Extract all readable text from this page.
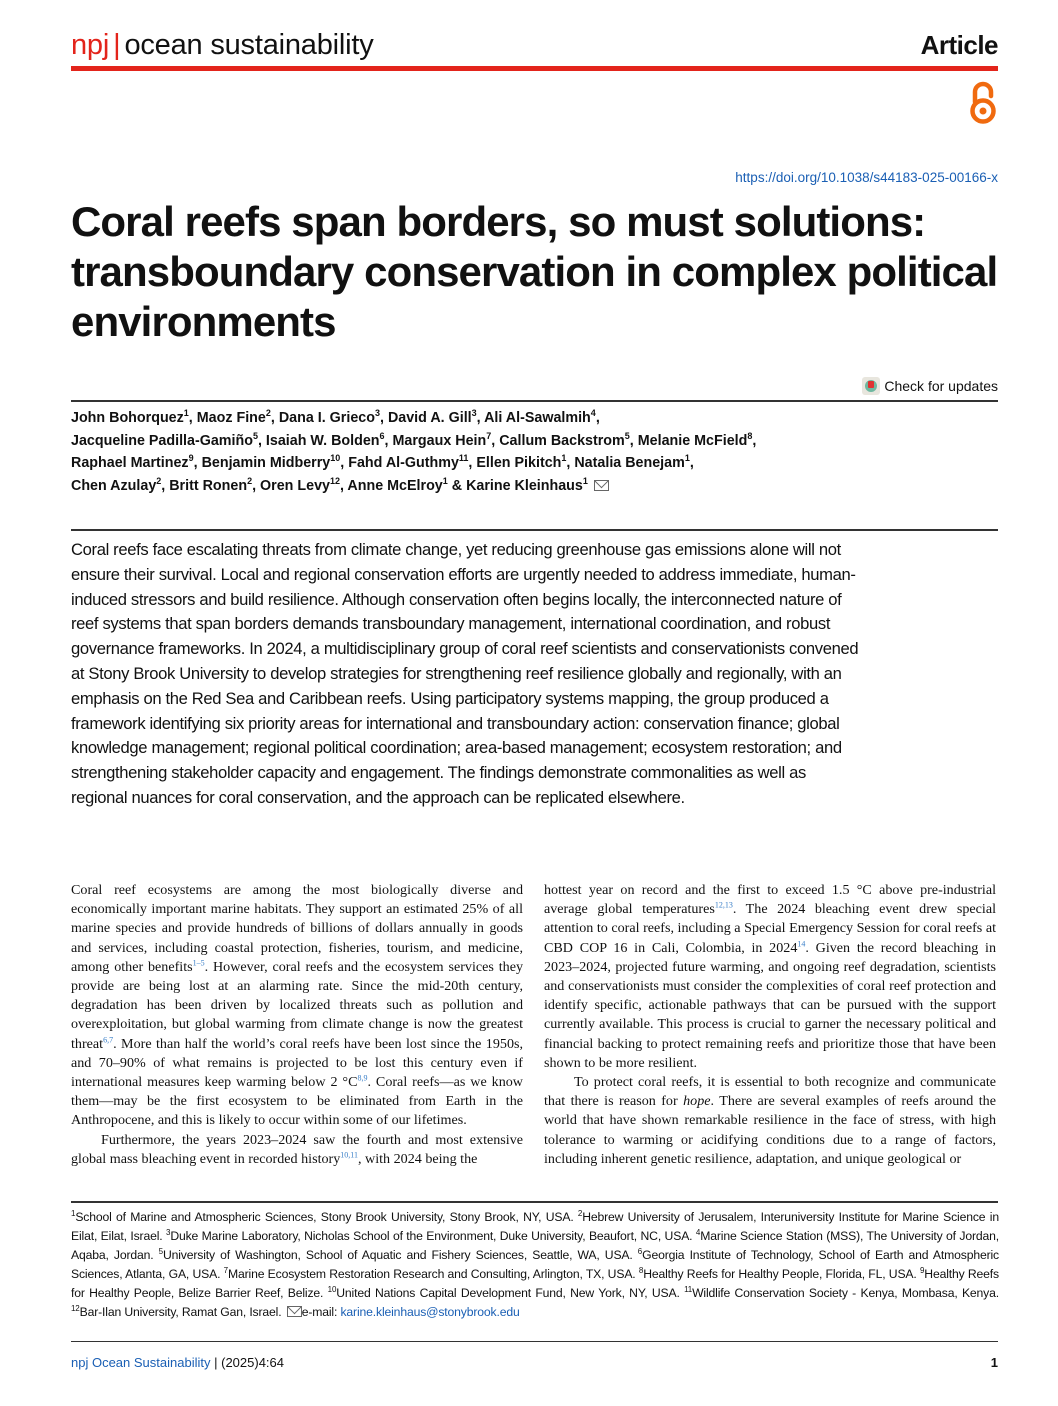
npj | ocean sustainability	Article
https://doi.org/10.1038/s44183-025-00166-x
Coral reefs span borders, so must solutions: transboundary conservation in complex political environments
Check for updates
John Bohorquez$^1$, Maoz Fine$^2$, Dana I. Grieco$^3$, David A. Gill$^3$, Ali Al-Sawalmih$^4$,
Jacqueline Padilla-Gamiño$^5$, Isaiah W. Bolden$^6$, Margaux Hein$^7$, Callum Backstrom$^5$, Melanie McField$^8$,
Raphael Martinez$^9$, Benjamin Midberry$^{10}$, Fahd Al-Guthmy$^{11}$, Ellen Pikitch$^1$, Natalia Benejam$^1$,
Chen Azulay$^2$, Britt Ronen$^2$, Oren Levy$^{12}$, Anne McElroy$^1$ & Karine Kleinhaus$^1$

Coral reefs face escalating threats from climate change, yet reducing greenhouse gas emissions alone will not ensure their survival. Local and regional conservation efforts are urgently needed to address immediate, human-induced stressors and build resilience. Although conservation often begins locally, the interconnected nature of reef systems that span borders demands transboundary management, international coordination, and robust governance frameworks. In 2024, a multidisciplinary group of coral reef scientists and conservationists convened at Stony Brook University to develop strategies for strengthening reef resilience globally and regionally, with an emphasis on the Red Sea and Caribbean reefs. Using participatory systems mapping, the group produced a framework identifying six priority areas for international and transboundary action: conservation finance; global knowledge management; regional political coordination; area-based management; ecosystem restoration; and strengthening stakeholder capacity and engagement. The findings demonstrate commonalities as well as regional nuances for coral conservation, and the approach can be replicated elsewhere.

Coral reef ecosystems are among the most biologically diverse and economically important marine habitats. They support an estimated 25% of all marine species and provide hundreds of billions of dollars annually in goods and services, including coastal protection, fisheries, tourism, and medicine, among other benefits$^{1-5}$. However, coral reefs and the ecosystem services they provide are being lost at an alarming rate. Since the mid-20th century, degradation has been driven by localized threats such as pollution and overexploitation, but global warming from climate change is now the greatest threat$^{6,7}$. More than half the world’s coral reefs have been lost since the 1950s, and 70–90% of what remains is projected to be lost this century even if international measures keep warming below 2 °C$^{8,9}$. Coral reefs—as we know them—may be the first ecosystem to be eliminated from Earth in the Anthropocene, and this is likely to occur within some of our lifetimes.

Furthermore, the years 2023–2024 saw the fourth and most extensive global mass bleaching event in recorded history$^{10,11}$, with 2024 being the

hottest year on record and the first to exceed 1.5 °C above pre-industrial average global temperatures$^{12,13}$. The 2024 bleaching event drew special attention to coral reefs, including a Special Emergency Session for coral reefs at CBD COP 16 in Cali, Colombia, in 2024$^{14}$. Given the record bleaching in 2023–2024, projected future warming, and ongoing reef degradation, scientists and conservationists must consider the complexities of coral reef protection and identify specific, actionable pathways that can be pursued with the support currently available. This process is crucial to garner the necessary political and financial backing to protect remaining reefs and prioritize those that have been shown to be more resilient.

To protect coral reefs, it is essential to both recognize and communicate that there is reason for hope. There are several examples of reefs around the world that have shown remarkable resilience in the face of stress, with high tolerance to warming or acidifying conditions due to a range of factors, including inherent genetic resilience, adaptation, and unique geological or

$^1$School of Marine and Atmospheric Sciences, Stony Brook University, Stony Brook, NY, USA. $^2$Hebrew University of Jerusalem, Interuniversity Institute for Marine Science in Eilat, Eilat, Israel. $^3$Duke Marine Laboratory, Nicholas School of the Environment, Duke University, Beaufort, NC, USA. $^4$Marine Science Station (MSS), The University of Jordan, Aqaba, Jordan. $^5$University of Washington, School of Aquatic and Fishery Sciences, Seattle, WA, USA. $^6$Georgia Institute of Technology, School of Earth and Atmospheric Sciences, Atlanta, GA, USA. $^7$Marine Ecosystem Restoration Research and Consulting, Arlington, TX, USA. $^8$Healthy Reefs for Healthy People, Florida, FL, USA. $^9$Healthy Reefs for Healthy People, Belize Barrier Reef, Belize. $^{10}$United Nations Capital Development Fund, New York, NY, USA. $^{11}$Wildlife Conservation Society - Kenya, Mombasa, Kenya. $^{12}$Bar-Ilan University, Ramat Gan, Israel. e-mail: karine.kleinhaus@stonybrook.edu

npj Ocean Sustainability | (2025)4:64	1
